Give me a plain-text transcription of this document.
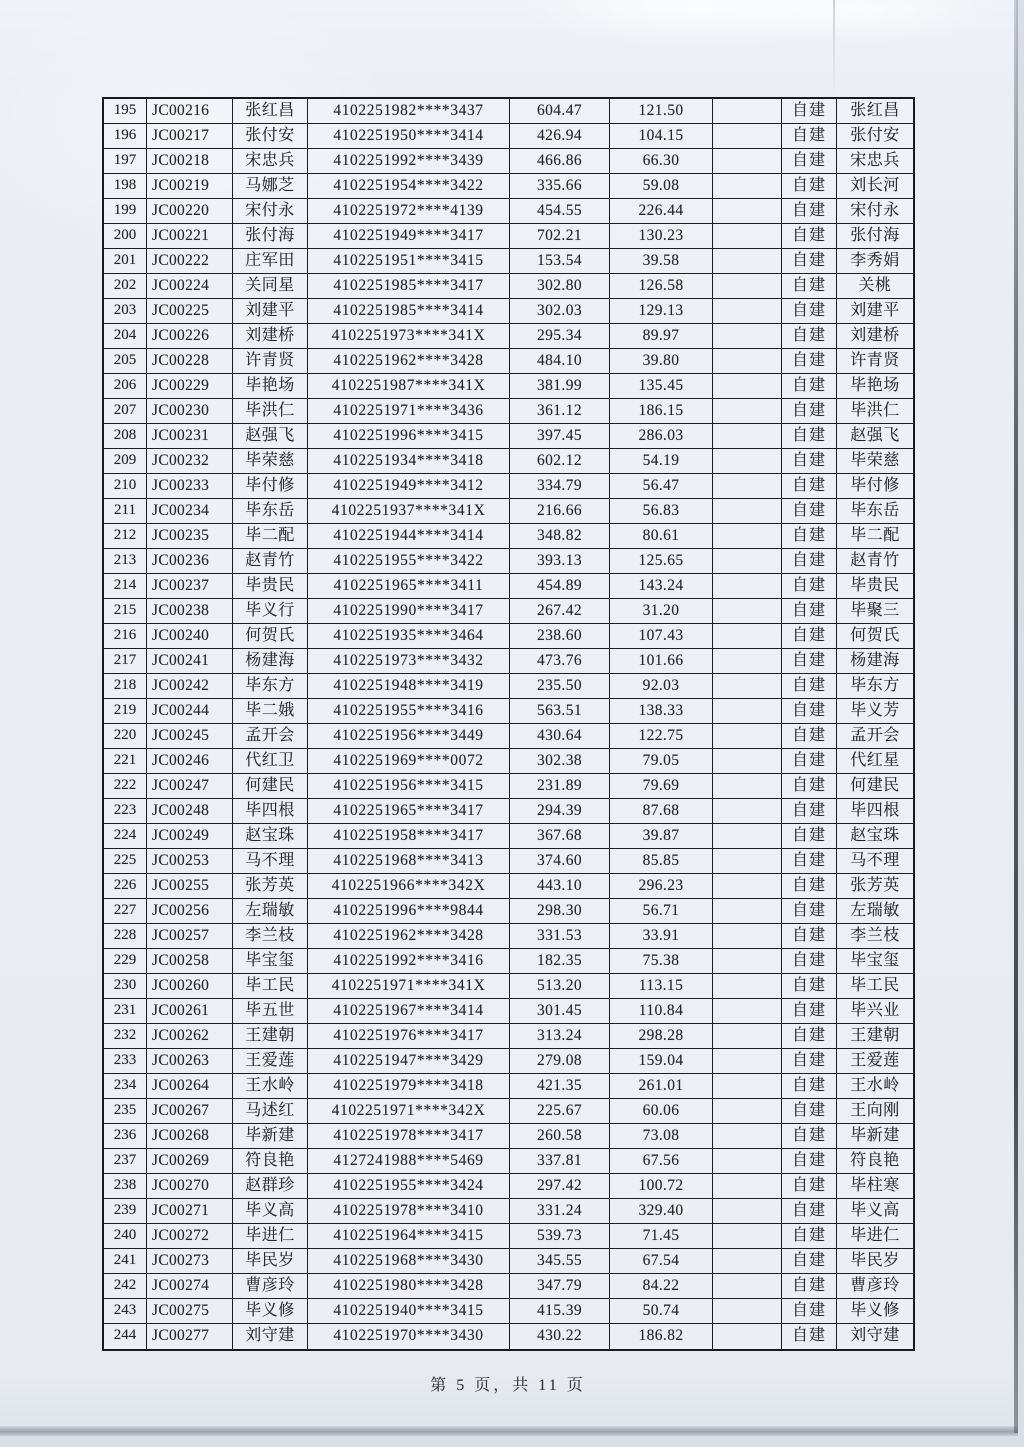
195	JC00216	张红昌	4102251982****3437	604.47	121.50	自建	张红昌
196	JC00217	张付安	4102251950****3414	426.94	104.15	自建	张付安
197	JC00218	宋忠兵	4102251992****3439	466.86	66.30	自建	宋忠兵
198	JC00219	马娜芝	4102251954****3422	335.66	59.08	自建	刘长河
199	JC00220	宋付永	4102251972****4139	454.55	226.44	自建	宋付永
200	JC00221	张付海	4102251949****3417	702.21	130.23	自建	张付海
201	JC00222	庄军田	4102251951****3415	153.54	39.58	自建	李秀娟
202	JC00224	关同星	4102251985****3417	302.80	126.58	自建	关桃
203	JC00225	刘建平	4102251985****3414	302.03	129.13	自建	刘建平
204	JC00226	刘建桥	4102251973****341X	295.34	89.97	自建	刘建桥
205	JC00228	许青贤	4102251962****3428	484.10	39.80	自建	许青贤
206	JC00229	毕艳场	4102251987****341X	381.99	135.45	自建	毕艳场
207	JC00230	毕洪仁	4102251971****3436	361.12	186.15	自建	毕洪仁
208	JC00231	赵强飞	4102251996****3415	397.45	286.03	自建	赵强飞
209	JC00232	毕荣慈	4102251934****3418	602.12	54.19	自建	毕荣慈
210	JC00233	毕付修	4102251949****3412	334.79	56.47	自建	毕付修
211	JC00234	毕东岳	4102251937****341X	216.66	56.83	自建	毕东岳
212	JC00235	毕二配	4102251944****3414	348.82	80.61	自建	毕二配
213	JC00236	赵青竹	4102251955****3422	393.13	125.65	自建	赵青竹
214	JC00237	毕贵民	4102251965****3411	454.89	143.24	自建	毕贵民
215	JC00238	毕义行	4102251990****3417	267.42	31.20	自建	毕聚三
216	JC00240	何贺氏	4102251935****3464	238.60	107.43	自建	何贺氏
217	JC00241	杨建海	4102251973****3432	473.76	101.66	自建	杨建海
218	JC00242	毕东方	4102251948****3419	235.50	92.03	自建	毕东方
219	JC00244	毕二娥	4102251955****3416	563.51	138.33	自建	毕义芳
220	JC00245	孟开会	4102251956****3449	430.64	122.75	自建	孟开会
221	JC00246	代红卫	4102251969****0072	302.38	79.05	自建	代红星
222	JC00247	何建民	4102251956****3415	231.89	79.69	自建	何建民
223	JC00248	毕四根	4102251965****3417	294.39	87.68	自建	毕四根
224	JC00249	赵宝珠	4102251958****3417	367.68	39.87	自建	赵宝珠
225	JC00253	马不理	4102251968****3413	374.60	85.85	自建	马不理
226	JC00255	张芳英	4102251966****342X	443.10	296.23	自建	张芳英
227	JC00256	左瑞敏	4102251996****9844	298.30	56.71	自建	左瑞敏
228	JC00257	李兰枝	4102251962****3428	331.53	33.91	自建	李兰枝
229	JC00258	毕宝玺	4102251992****3416	182.35	75.38	自建	毕宝玺
230	JC00260	毕工民	4102251971****341X	513.20	113.15	自建	毕工民
231	JC00261	毕五世	4102251967****3414	301.45	110.84	自建	毕兴业
232	JC00262	王建朝	4102251976****3417	313.24	298.28	自建	王建朝
233	JC00263	王爱莲	4102251947****3429	279.08	159.04	自建	王爱莲
234	JC00264	王水岭	4102251979****3418	421.35	261.01	自建	王水岭
235	JC00267	马述红	4102251971****342X	225.67	60.06	自建	王向刚
236	JC00268	毕新建	4102251978****3417	260.58	73.08	自建	毕新建
237	JC00269	符良艳	4127241988****5469	337.81	67.56	自建	符良艳
238	JC00270	赵群珍	4102251955****3424	297.42	100.72	自建	毕柱寒
239	JC00271	毕义高	4102251978****3410	331.24	329.40	自建	毕义高
240	JC00272	毕进仁	4102251964****3415	539.73	71.45	自建	毕进仁
241	JC00273	毕民岁	4102251968****3430	345.55	67.54	自建	毕民岁
242	JC00274	曹彦玲	4102251980****3428	347.79	84.22	自建	曹彦玲
243	JC00275	毕义修	4102251940****3415	415.39	50.74	自建	毕义修
244	JC00277	刘守建	4102251970****3430	430.22	186.82	自建	刘守建
第 5 页，共 11 页
